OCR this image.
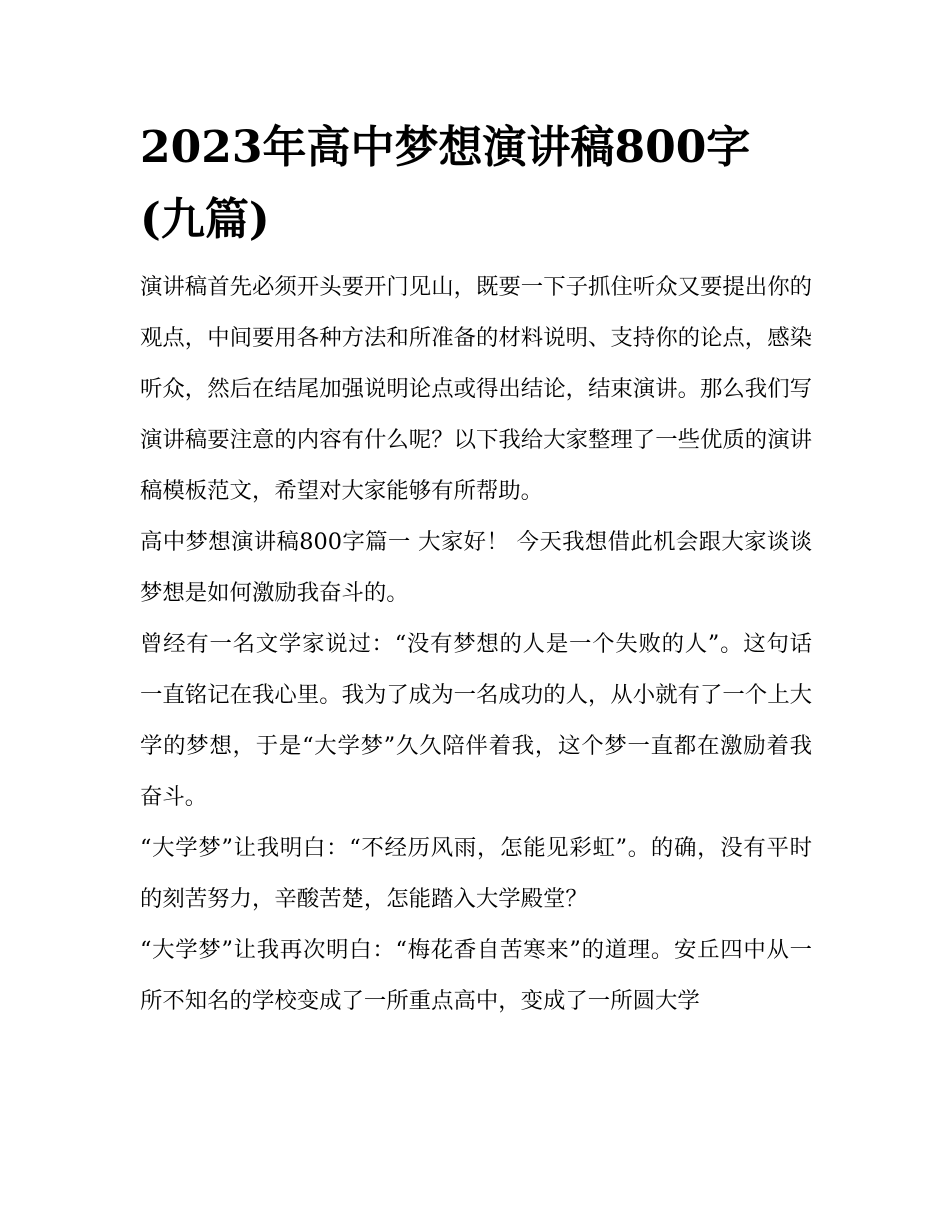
2023年高中梦想演讲稿800字(九篇)

演讲稿首先必须开头要开门见山，既要一下子抓住听众又要提出你的观点，中间要用各种方法和所准备的材料说明、支持你的论点，感染听众，然后在结尾加强说明论点或得出结论，结束演讲。那么我们写演讲稿要注意的内容有什么呢？以下我给大家整理了一些优质的演讲稿模板范文，希望对大家能够有所帮助。

高中梦想演讲稿800字篇一 大家好！ 今天我想借此机会跟大家谈谈梦想是如何激励我奋斗的。

曾经有一名文学家说过：“没有梦想的人是一个失败的人”。这句话一直铭记在我心里。我为了成为一名成功的人，从小就有了一个上大学的梦想，于是“大学梦”久久陪伴着我，这个梦一直都在激励着我奋斗。

“大学梦”让我明白：“不经历风雨，怎能见彩虹”。的确，没有平时的刻苦努力，辛酸苦楚，怎能踏入大学殿堂？

“大学梦”让我再次明白：“梅花香自苦寒来”的道理。安丘四中从一所不知名的学校变成了一所重点高中，变成了一所圆大学
